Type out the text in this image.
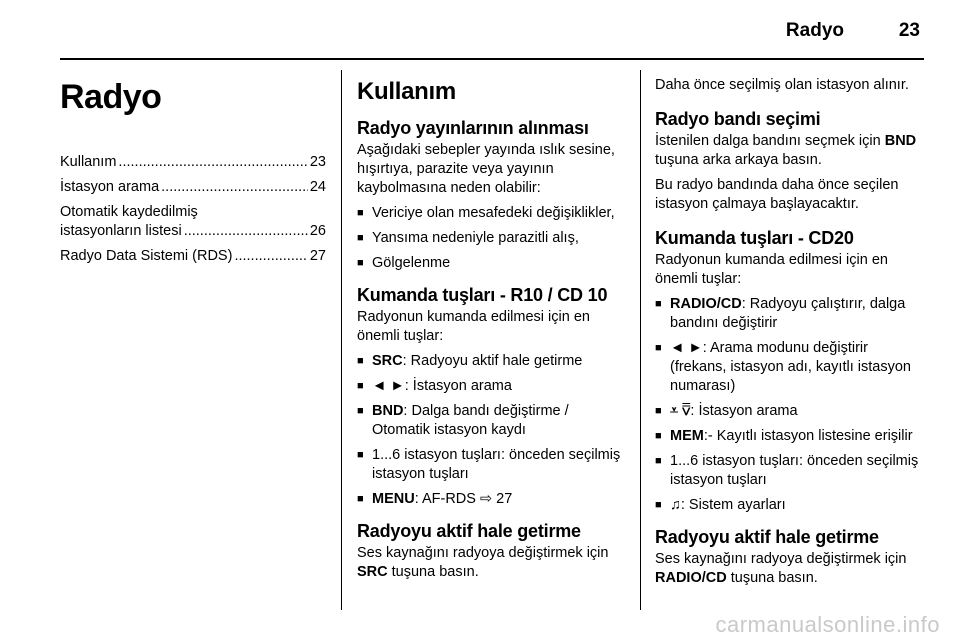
Radyo	23
Radyo
Kullanım .....	23
İstasyon arama .....	24
Otomatik kaydedilmiş
istasyonların listesi .....	26
Radyo Data Sistemi (RDS) .....	27
Kullanım
Radyo yayınlarının alınması
Aşağıdaki sebepler yayında ıslık sesine, hışırtıya, parazite veya yayının kaybolmasına neden olabilir:
■ Vericiye olan mesafedeki değişiklikler,
■ Yansıma nedeniyle parazitli alış,
■ Gölgelenme
Kumanda tuşları - R10 / CD 10
Radyonun kumanda edilmesi için en önemli tuşlar:
■ SRC: Radyoyu aktif hale getirme
■ ◄ ►: İstasyon arama
■ BND: Dalga bandı değiştirme / Otomatik istasyon kaydı
■ 1...6 istasyon tuşları: önceden seçilmiş istasyon tuşları
■ MENU: AF-RDS ⇨ 27
Radyoyu aktif hale getirme
Ses kaynağını radyoya değiştirmek için SRC tuşuna basın.
Daha önce seçilmiş olan istasyon alınır.
Radyo bandı seçimi
İstenilen dalga bandını seçmek için BND tuşuna arka arkaya basın.
Bu radyo bandında daha önce seçilen istasyon çalmaya başlayacaktır.
Kumanda tuşları - CD20
Radyonun kumanda edilmesi için en önemli tuşlar:
■ RADIO/CD: Radyoyu çalıştırır, dalga bandını değiştirir
■ ◄ ►: Arama modunu değiştirir (frekans, istasyon adı, kayıtlı istasyon numarası)
■ ⩡ ⩢: İstasyon arama
■ MEM:- Kayıtlı istasyon listesine erişilir
■ 1...6 istasyon tuşları: önceden seçilmiş istasyon tuşları
■ ♫: Sistem ayarları
Radyoyu aktif hale getirme
Ses kaynağını radyoya değiştirmek için RADIO/CD tuşuna basın.
carmanualsonline.info
